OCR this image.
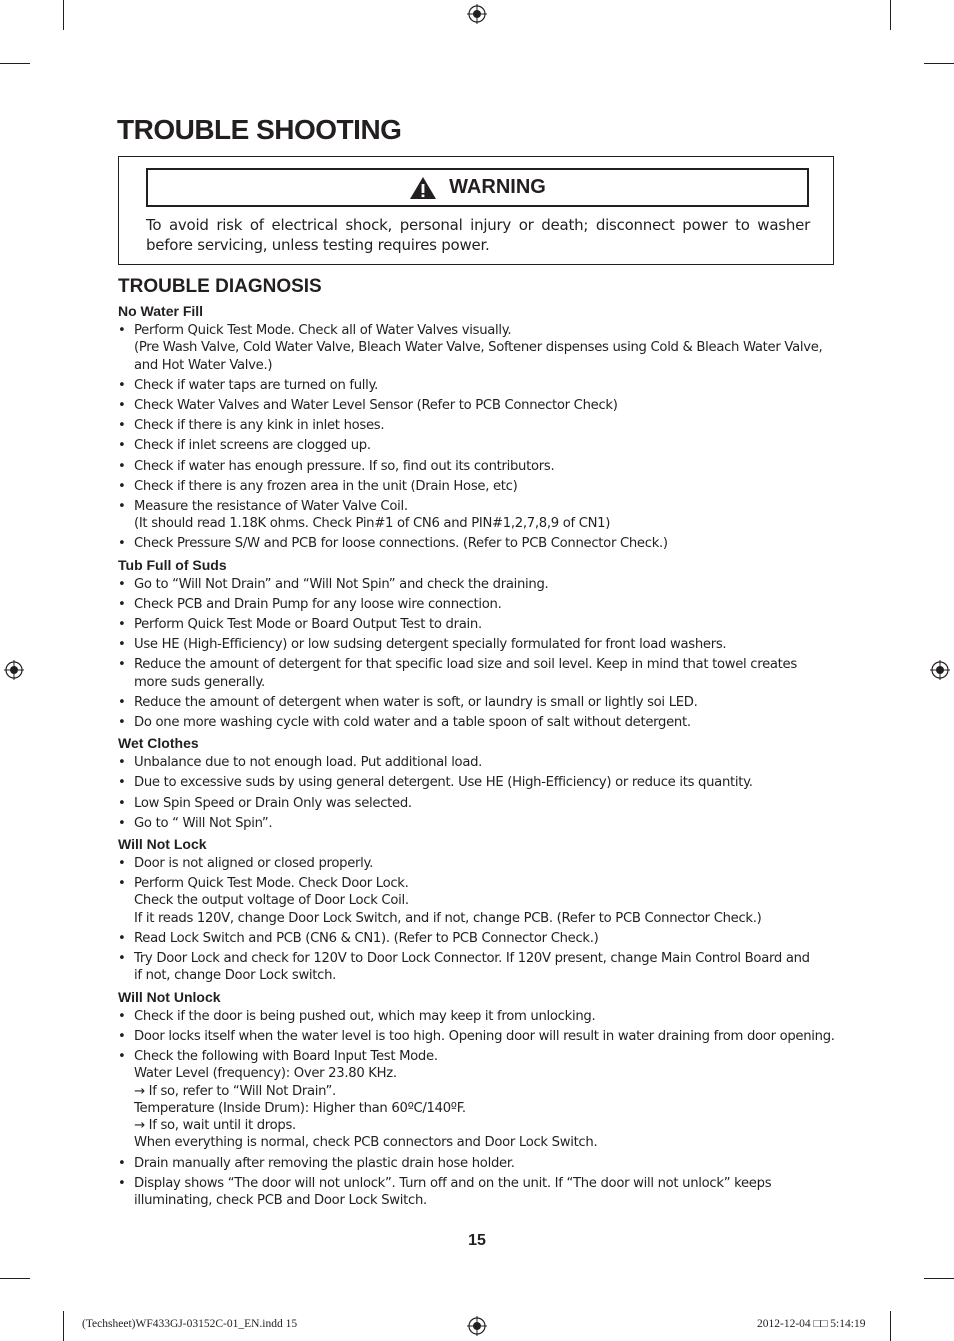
TROUBLE SHOOTING
WARNING
To avoid risk of electrical shock, personal injury or death; disconnect power to washer before servicing, unless testing requires power.
TROUBLE DIAGNOSIS
No Water Fill
• Perform Quick Test Mode. Check all of Water Valves visually.
(Pre Wash Valve, Cold Water Valve, Bleach Water Valve, Softener dispenses using Cold & Bleach Water Valve,
and Hot Water Valve.)
• Check if water taps are turned on fully.
• Check Water Valves and Water Level Sensor (Refer to PCB Connector Check)
• Check if there is any kink in inlet hoses.
• Check if inlet screens are clogged up.
• Check if water has enough pressure. If so, find out its contributors.
• Check if there is any frozen area in the unit (Drain Hose, etc)
• Measure the resistance of Water Valve Coil.
(It should read 1.18K ohms. Check Pin#1 of CN6 and PIN#1,2,7,8,9 of CN1)
• Check Pressure S/W and PCB for loose connections. (Refer to PCB Connector Check.)
Tub Full of Suds
• Go to “Will Not Drain” and “Will Not Spin” and check the draining.
• Check PCB and Drain Pump for any loose wire connection.
• Perform Quick Test Mode or Board Output Test to drain.
• Use HE (High-Efficiency) or low sudsing detergent specially formulated for front load washers.
• Reduce the amount of detergent for that specific load size and soil level. Keep in mind that towel creates
more suds generally.
• Reduce the amount of detergent when water is soft, or laundry is small or lightly soi LED.
• Do one more washing cycle with cold water and a table spoon of salt without detergent.
Wet Clothes
• Unbalance due to not enough load. Put additional load.
• Due to excessive suds by using general detergent. Use HE (High-Efficiency) or reduce its quantity.
• Low Spin Speed or Drain Only was selected.
• Go to “ Will Not Spin”.
Will Not Lock
• Door is not aligned or closed properly.
• Perform Quick Test Mode. Check Door Lock.
Check the output voltage of Door Lock Coil.
If it reads 120V, change Door Lock Switch, and if not, change PCB. (Refer to PCB Connector Check.)
• Read Lock Switch and PCB (CN6 & CN1). (Refer to PCB Connector Check.)
• Try Door Lock and check for 120V to Door Lock Connector. If 120V present, change Main Control Board and
if not, change Door Lock switch.
Will Not Unlock
• Check if the door is being pushed out, which may keep it from unlocking.
• Door locks itself when the water level is too high. Opening door will result in water draining from door opening.
• Check the following with Board Input Test Mode.
Water Level (frequency): Over 23.80 KHz.
→ If so, refer to “Will Not Drain”.
Temperature (Inside Drum): Higher than 60ºC/140ºF.
→ If so, wait until it drops.
When everything is normal, check PCB connectors and Door Lock Switch.
• Drain manually after removing the plastic drain hose holder.
• Display shows “The door will not unlock”. Turn off and on the unit. If “The door will not unlock” keeps
illuminating, check PCB and Door Lock Switch.
15
(Techsheet)WF433GJ-03152C-01_EN.indd 15	2012-12-04 □□ 5:14:19
